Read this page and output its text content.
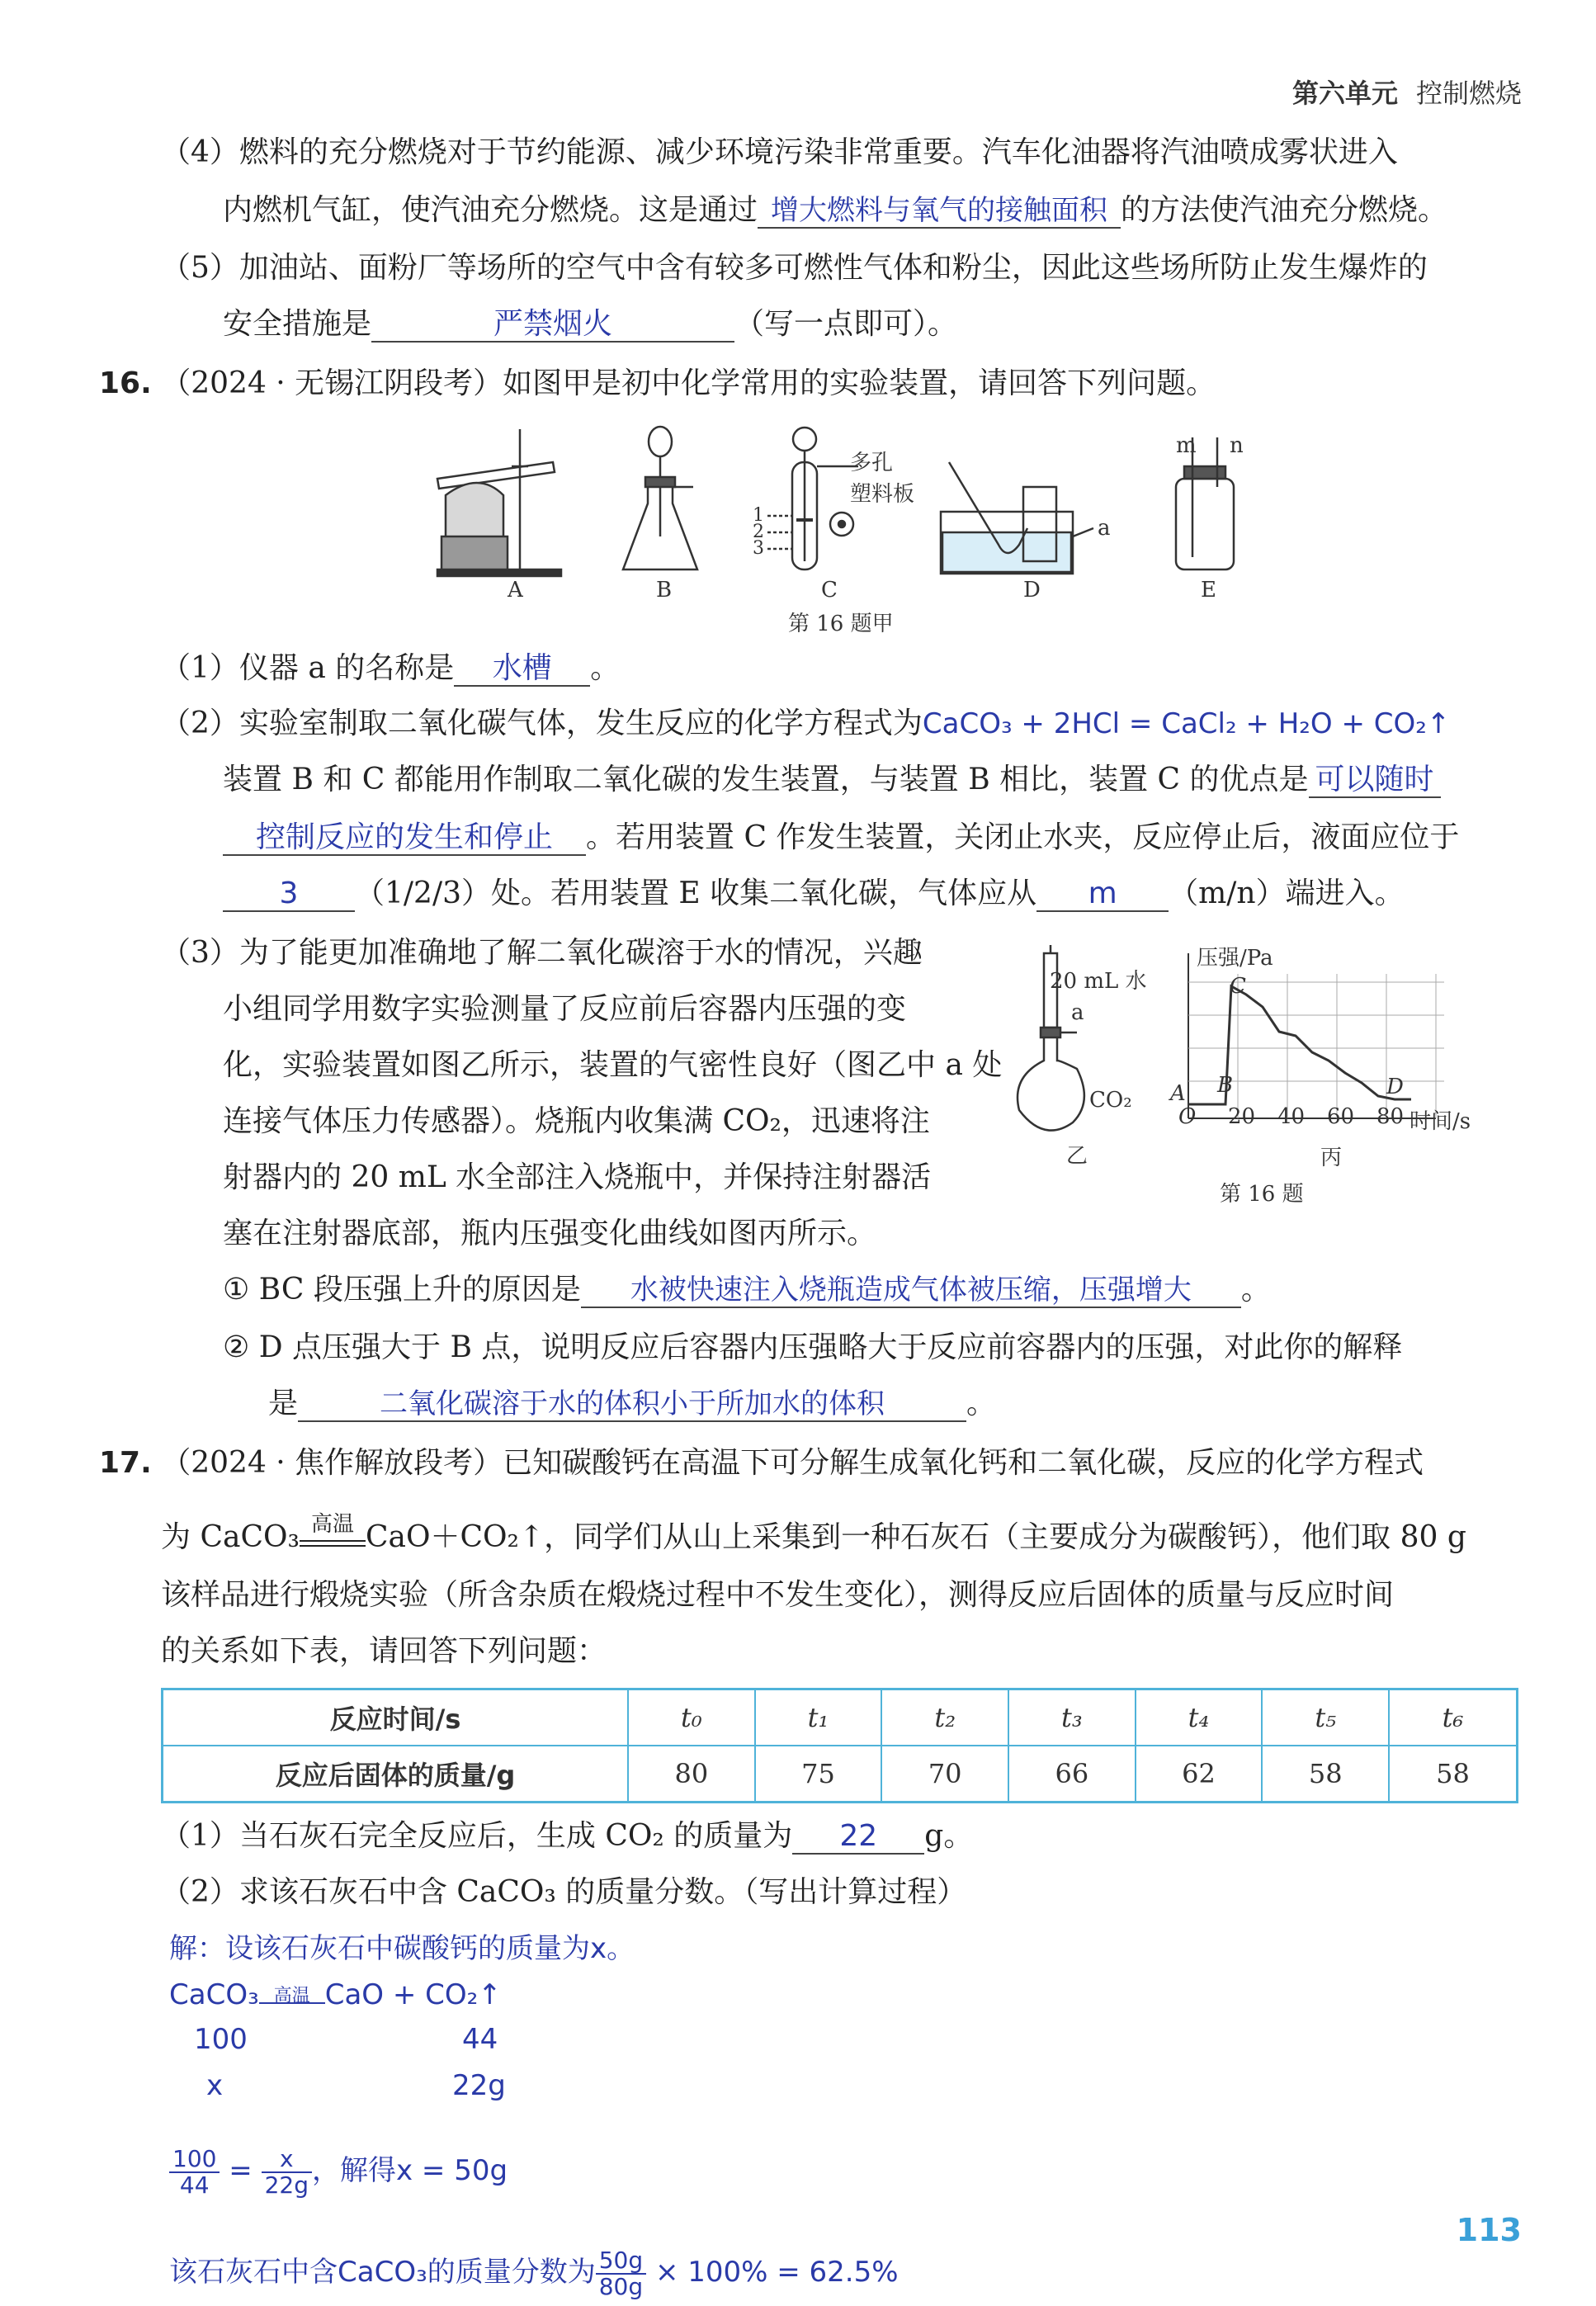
第六单元 控制燃烧
（4）燃料的充分燃烧对于节约能源、减少环境污染非常重要。汽车化油器将汽油喷成雾状进入
内燃机气缸，使汽油充分燃烧。这是通过 增大燃料与氧气的接触面积 的方法使汽油充分燃烧。
（5）加油站、面粉厂等场所的空气中含有较多可燃性气体和粉尘，因此这些场所防止发生爆炸的
安全措施是	严禁烟火	（写一点即可）。
16. （2024 · 无锡江阴段考）如图甲是初中化学常用的实验装置，请回答下列问题。
A	B	C	D	E
多孔
塑料板
1
2
3
a
m n
第 16 题甲
（1）仪器 a 的名称是 水槽 。
（2）实验室制取二氧化碳气体，发生反应的化学方程式为CaCO₃ + 2HCl = CaCl₂ + H₂O + CO₂↑
装置 B 和 C 都能用作制取二氧化碳的发生装置，与装置 B 相比，装置 C 的优点是 可以随时
控制反应的发生和停止 。若用装置 C 作发生装置，关闭止水夹，反应停止后，液面应位于
3 （1/2/3）处。若用装置 E 收集二氧化碳，气体应从 m （m/n）端进入。
（3）为了能更加准确地了解二氧化碳溶于水的情况，兴趣
小组同学用数字实验测量了反应前后容器内压强的变
化，实验装置如图乙所示，装置的气密性良好（图乙中 a 处
连接气体压力传感器）。烧瓶内收集满 CO₂，迅速将注
射器内的 20 mL 水全部注入烧瓶中，并保持注射器活
塞在注射器底部，瓶内压强变化曲线如图丙所示。
20 mL 水
a
CO₂
乙
压强/Pa
C
A B	D
O 20 40 60 80 时间/s
丙
第 16 题
① BC 段压强上升的原因是 水被快速注入烧瓶造成气体被压缩，压强增大 。
② D 点压强大于 B 点，说明反应后容器内压强略大于反应前容器内的压强，对此你的解释
是	二氧化碳溶于水的体积小于所加水的体积	。
17. （2024 · 焦作解放段考）已知碳酸钙在高温下可分解生成氧化钙和二氧化碳，反应的化学方程式
为 CaCO₃ 高温 CaO＋CO₂↑，同学们从山上采集到一种石灰石（主要成分为碳酸钙），他们取 80 g
该样品进行煅烧实验（所含杂质在煅烧过程中不发生变化），测得反应后固体的质量与反应时间
的关系如下表，请回答下列问题：
反应时间/s	t₀	t₁	t₂	t₃	t₄	t₅	t₆
反应后固体的质量/g	80	75	70	66	62	58	58
（1）当石灰石完全反应后，生成 CO₂ 的质量为 22 g。
（2）求该石灰石中含 CaCO₃ 的质量分数。（写出计算过程）
解：设该石灰石中碳酸钙的质量为x。
CaCO₃ 高温 CaO + CO₂↑
100	44
x	22g
$\frac{100}{44} = \frac{x}{22g}$ ，解得x = 50g
该石灰石中含CaCO₃的质量分数为 $\frac{50g}{80g} \times 100\% = 62.5\%$
113
